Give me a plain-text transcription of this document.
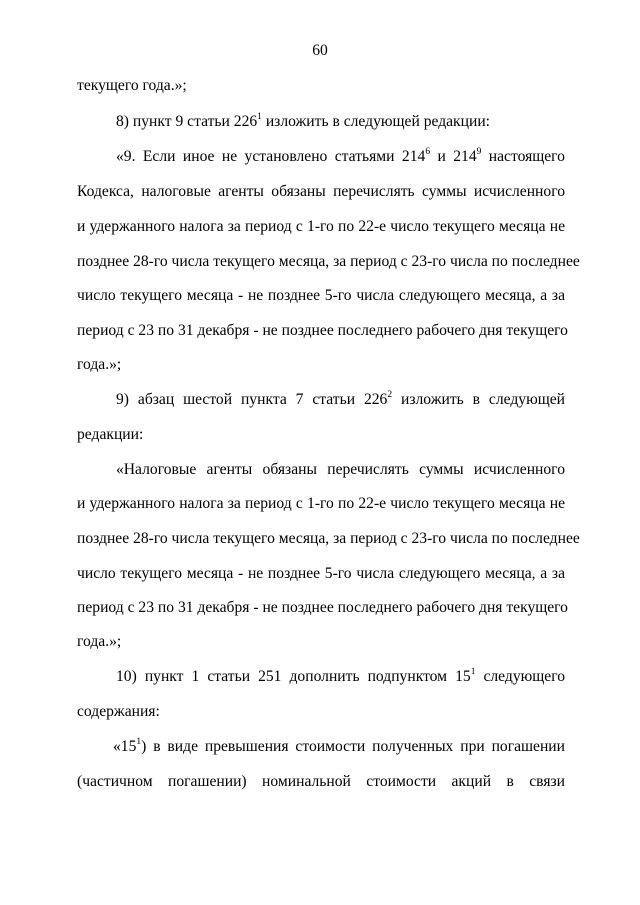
60
текущего года.»;
8) пункт 9 статьи $226^1$ изложить в следующей редакции:
«9. Если иное не установлено статьями $214^6$ и $214^9$ настоящего
Кодекса, налоговые агенты обязаны перечислять суммы исчисленного
и удержанного налога за период с 1-го по 22-е число текущего месяца не
позднее 28-го числа текущего месяца, за период с 23-го числа по последнее
число текущего месяца - не позднее 5-го числа следующего месяца, а за
период с 23 по 31 декабря - не позднее последнего рабочего дня текущего
года.»;
9) абзац шестой пункта 7 статьи $226^2$ изложить в следующей
редакции:
«Налоговые агенты обязаны перечислять суммы исчисленного
и удержанного налога за период с 1-го по 22-е число текущего месяца не
позднее 28-го числа текущего месяца, за период с 23-го числа по последнее
число текущего месяца - не позднее 5-го числа следующего месяца, а за
период с 23 по 31 декабря - не позднее последнего рабочего дня текущего
года.»;
10) пункт 1 статьи 251 дополнить подпунктом $15^1$ следующего
содержания:
«$15^1$) в виде превышения стоимости полученных при погашении
(частичном погашении) номинальной стоимости акций в связи
